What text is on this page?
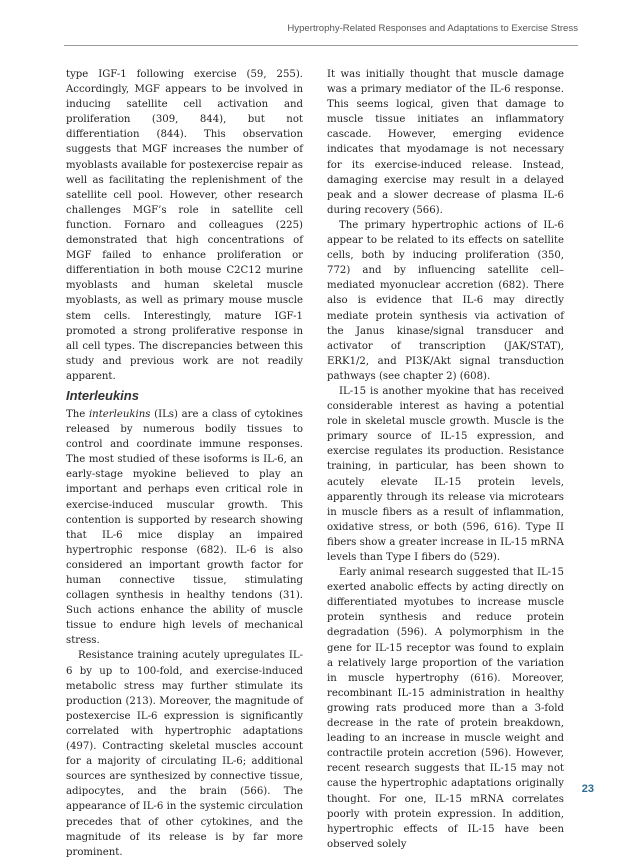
Hypertrophy-Related Responses and Adaptations to Exercise Stress

type IGF-1 following exercise (59, 255). Accordingly, MGF appears to be involved in inducing satellite cell activation and proliferation (309, 844), but not differentiation (844). This observation suggests that MGF increases the number of myoblasts available for postexercise repair as well as facilitating the replenishment of the satellite cell pool. However, other research challenges MGF’s role in satellite cell function. Fornaro and colleagues (225) demonstrated that high concentrations of MGF failed to enhance proliferation or differentiation in both mouse C2C12 murine myoblasts and human skeletal muscle myoblasts, as well as primary mouse muscle stem cells. Interestingly, mature IGF-1 promoted a strong proliferative response in all cell types. The discrepancies between this study and previous work are not readily apparent.

Interleukins

The interleukins (ILs) are a class of cytokines released by numerous bodily tissues to control and coordinate immune responses. The most studied of these isoforms is IL-6, an early-stage myokine believed to play an important and perhaps even critical role in exercise-induced muscular growth. This contention is supported by research showing that IL-6 mice display an impaired hypertrophic response (682). IL-6 is also considered an important growth factor for human connective tissue, stimulating collagen synthesis in healthy tendons (31). Such actions enhance the ability of muscle tissue to endure high levels of mechanical stress.

Resistance training acutely upregulates IL-6 by up to 100-fold, and exercise-induced metabolic stress may further stimulate its production (213). Moreover, the magnitude of postexercise IL-6 expression is significantly correlated with hypertrophic adaptations (497). Contracting skeletal muscles account for a majority of circulating IL-6; additional sources are synthesized by connective tissue, adipocytes, and the brain (566). The appearance of IL-6 in the systemic circulation precedes that of other cytokines, and the magnitude of its release is by far more prominent.

It was initially thought that muscle damage was a primary mediator of the IL-6 response. This seems logical, given that damage to muscle tissue initiates an inflammatory cascade. However, emerging evidence indicates that myodamage is not necessary for its exercise-induced release. Instead, damaging exercise may result in a delayed peak and a slower decrease of plasma IL-6 during recovery (566).

The primary hypertrophic actions of IL-6 appear to be related to its effects on satellite cells, both by inducing proliferation (350, 772) and by influencing satellite cell–mediated myonuclear accretion (682). There also is evidence that IL-6 may directly mediate protein synthesis via activation of the Janus kinase/signal transducer and activator of transcription (JAK/STAT), ERK1/2, and PI3K/Akt signal transduction pathways (see chapter 2) (608).

IL-15 is another myokine that has received considerable interest as having a potential role in skeletal muscle growth. Muscle is the primary source of IL-15 expression, and exercise regulates its production. Resistance training, in particular, has been shown to acutely elevate IL-15 protein levels, apparently through its release via microtears in muscle fibers as a result of inflammation, oxidative stress, or both (596, 616). Type II fibers show a greater increase in IL-15 mRNA levels than Type I fibers do (529).

Early animal research suggested that IL-15 exerted anabolic effects by acting directly on differentiated myotubes to increase muscle protein synthesis and reduce protein degradation (596). A polymorphism in the gene for IL-15 receptor was found to explain a relatively large proportion of the variation in muscle hypertrophy (616). Moreover, recombinant IL-15 administration in healthy growing rats produced more than a 3-fold decrease in the rate of protein breakdown, leading to an increase in muscle weight and contractile protein accretion (596). However, recent research suggests that IL-15 may not cause the hypertrophic adaptations originally thought. For one, IL-15 mRNA correlates poorly with protein expression. In addition, hypertrophic effects of IL-15 have been observed solely

23
